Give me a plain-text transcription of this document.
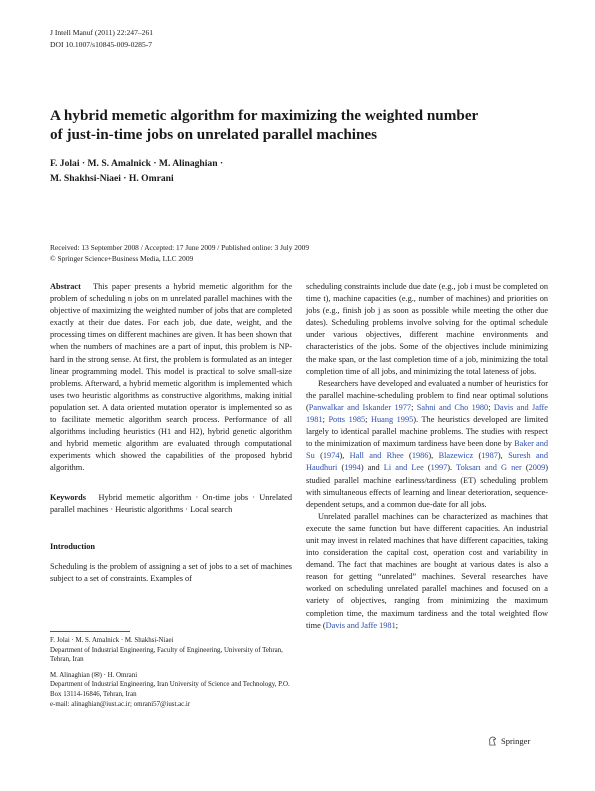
J Intell Manuf (2011) 22:247–261
DOI 10.1007/s10845-009-0285-7
A hybrid memetic algorithm for maximizing the weighted number
of just-in-time jobs on unrelated parallel machines
F. Jolai · M. S. Amalnick · M. Alinaghian ·
M. Shakhsi-Niaei · H. Omrani
Received: 13 September 2008 / Accepted: 17 June 2009 / Published online: 3 July 2009
© Springer Science+Business Media, LLC 2009

Abstract This paper presents a hybrid memetic algorithm for the problem of scheduling n jobs on m unrelated parallel machines with the objective of maximizing the weighted number of jobs that are completed exactly at their due dates. For each job, due date, weight, and the processing times on different machines are given. It has been shown that when the numbers of machines are a part of input, this problem is NP-hard in the strong sense. At first, the problem is formulated as an integer linear programming model. This model is practical to solve small-size problems. Afterward, a hybrid memetic algorithm is implemented which uses two heuristic algorithms as constructive algorithms, making initial population set. A data oriented mutation operator is implemented so as to facilitate memetic algorithm search process. Performance of all algorithms including heuristics (H1 and H2), hybrid genetic algorithm and hybrid memetic algorithm are evaluated through computational experiments which showed the capabilities of the proposed hybrid algorithm.

Keywords Hybrid memetic algorithm · On-time jobs · Unrelated parallel machines · Heuristic algorithms · Local search

Introduction

Scheduling is the problem of assigning a set of jobs to a set of machines subject to a set of constraints. Examples of

F. Jolai · M. S. Amalnick · M. Shakhsi-Niaei

Department of Industrial Engineering, Faculty of Engineering, University of Tehran, Tehran, Iran

M. Alinaghian (✉) · H. Omrani

Department of Industrial Engineering, Iran University of Science and Technology, P.O. Box 13114-16846, Tehran, Iran

e-mail: alinaghian@iust.ac.ir; omrani57@iust.ac.ir

scheduling constraints include due date (e.g., job i must be completed on time t), machine capacities (e.g., number of machines) and priorities on jobs (e.g., finish job j as soon as possible while meeting the other due dates). Scheduling problems involve solving for the optimal schedule under various objectives, different machine environments and characteristics of the jobs. Some of the objectives include minimizing the make span, or the last completion time of a job, minimizing the total completion time of all jobs, and minimizing the total lateness of jobs.

Researchers have developed and evaluated a number of heuristics for the parallel machine-scheduling problem to find near optimal solutions (Panwalkar and Iskander 1977; Sahni and Cho 1980; Davis and Jaffe 1981; Potts 1985; Huang 1995). The heuristics developed are limited largely to identical parallel machine problems. The studies with respect to the minimization of maximum tardiness have been done by Baker and Su (1974), Hall and Rhee (1986), Blazewicz (1987), Suresh and Haudhuri (1994) and Li and Lee (1997). Toksarı and G ner (2009) studied parallel machine earliness/tardiness (ET) scheduling problem with simultaneous effects of learning and linear deterioration, sequence-dependent setups, and a common due-date for all jobs.

Unrelated parallel machines can be characterized as machines that execute the same function but have different capacities. An industrial unit may invest in related machines that have different capacities, taking into consideration the capital cost, operation cost and variability in demand. The fact that machines are bought at various dates is also a reason for getting “unrelated” machines. Several researches have worked on scheduling unrelated parallel machines and focused on a variety of objectives, ranging from minimizing the maximum completion time, the maximum tardiness and the total weighted flow time (Davis and Jaffe 1981;

Springer
